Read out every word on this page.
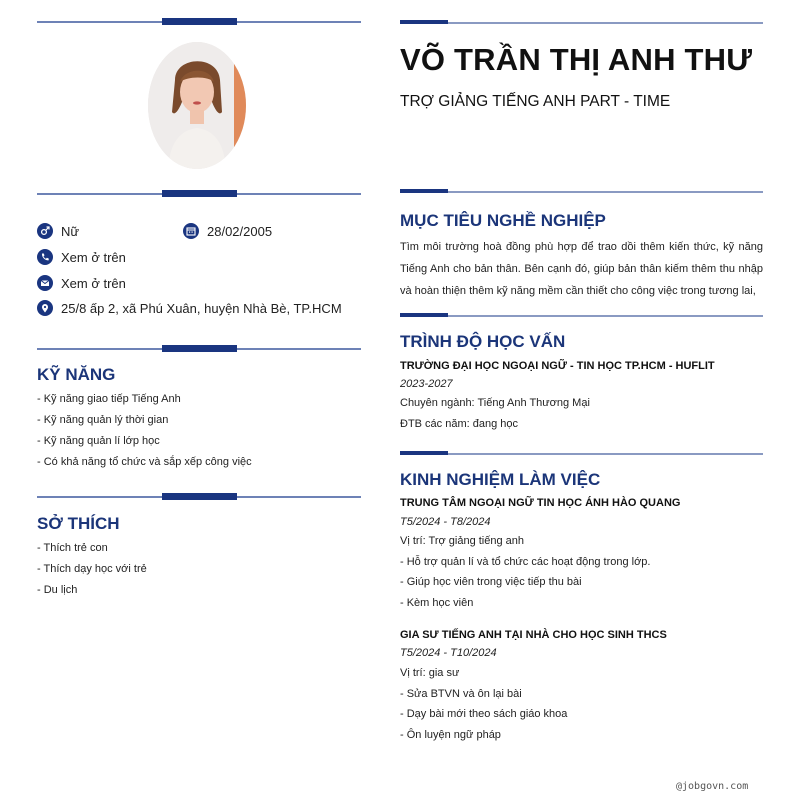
Nữ	28/02/2005
Xem ở trên
Xem ở trên
25/8 ấp 2, xã Phú Xuân, huyện Nhà Bè, TP.HCM
KỸ NĂNG
- Kỹ năng giao tiếp Tiếng Anh
- Kỹ năng quản lý thời gian
- Kỹ năng quản lí lớp học
- Có khả năng tổ chức và sắp xếp công việc
SỞ THÍCH
- Thích trẻ con
- Thích dạy học với trẻ
- Du lịch
VÕ TRẦN THỊ ANH THƯ
TRỢ GIẢNG TIẾNG ANH PART - TIME
MỤC TIÊU NGHỀ NGHIỆP
Tìm môi trường hoà đồng phù hợp để trao dồi thêm kiến thức, kỹ năng Tiếng Anh cho bản thân. Bên cạnh đó, giúp bản thân kiếm thêm thu nhập và hoàn thiện thêm kỹ năng mềm cần thiết cho công việc trong tương lai,
TRÌNH ĐỘ HỌC VẤN
TRƯỜNG ĐẠI HỌC NGOẠI NGỮ - TIN HỌC TP.HCM - HUFLIT
2023-2027
Chuyên ngành: Tiếng Anh Thương Mại
ĐTB các năm: đang học
KINH NGHIỆM LÀM VIỆC
TRUNG TÂM NGOẠI NGỮ TIN HỌC ÁNH HÀO QUANG
T5/2024 - T8/2024
Vị trí: Trợ giảng tiếng anh
- Hỗ trợ quản lí và tổ chức các hoạt động trong lớp.
- Giúp học viên trong việc tiếp thu bài
- Kèm học viên
GIA SƯ TIẾNG ANH TẠI NHÀ CHO HỌC SINH THCS
T5/2024 - T10/2024
Vị trí: gia sư
- Sửa BTVN và ôn lại bài
- Dạy bài mới theo sách giáo khoa
- Ôn luyện ngữ pháp
@jobgovn.com
